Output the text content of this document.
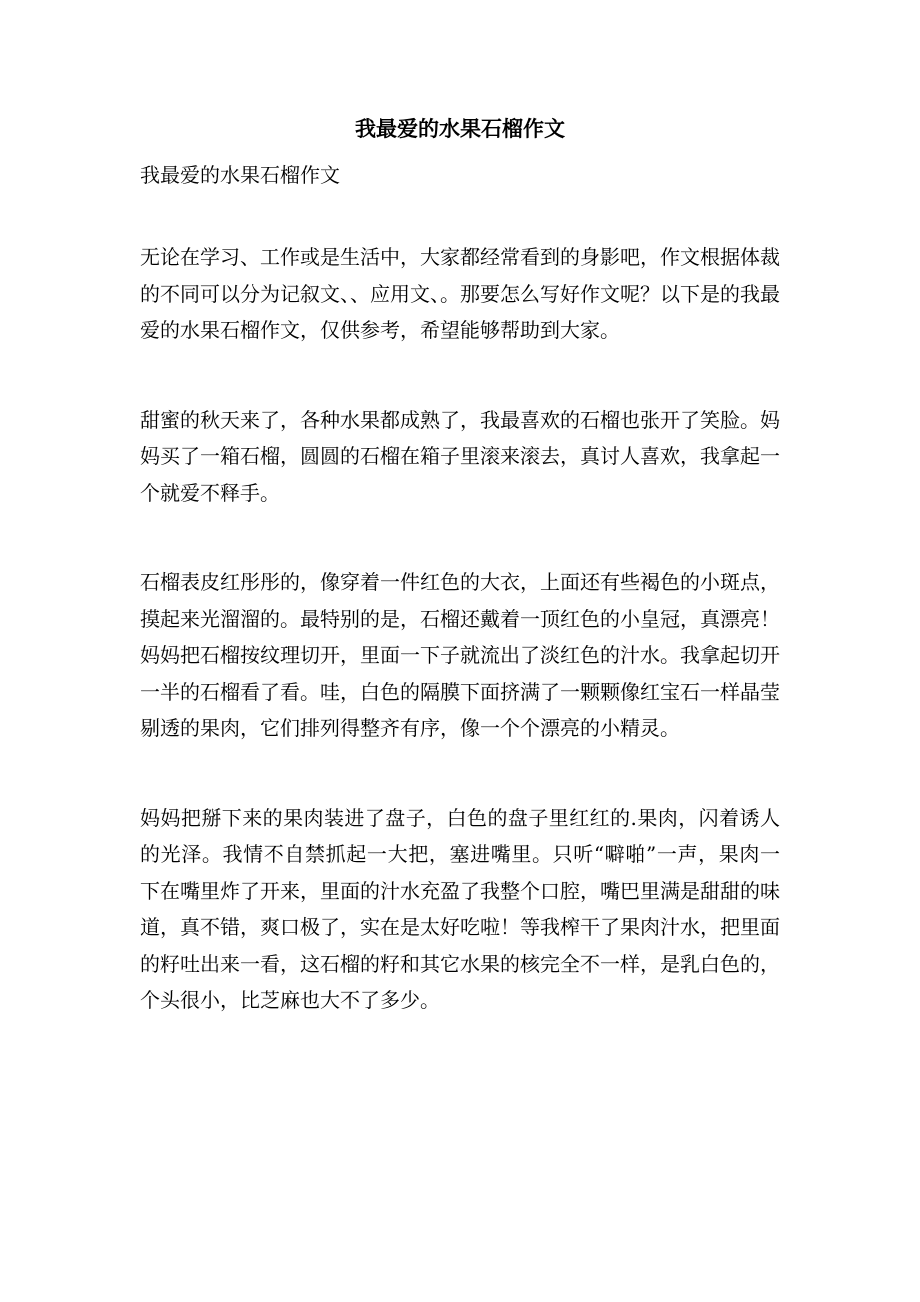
我最爱的水果石榴作文
我最爱的水果石榴作文

无论在学习、工作或是生活中，大家都经常看到的身影吧，作文根据体裁的不同可以分为记叙文、、应用文、。那要怎么写好作文呢？以下是的我最爱的水果石榴作文，仅供参考，希望能够帮助到大家。

甜蜜的秋天来了，各种水果都成熟了，我最喜欢的石榴也张开了笑脸。妈妈买了一箱石榴，圆圆的石榴在箱子里滚来滚去，真讨人喜欢，我拿起一个就爱不释手。

石榴表皮红彤彤的，像穿着一件红色的大衣，上面还有些褐色的小斑点，摸起来光溜溜的。最特别的是，石榴还戴着一顶红色的小皇冠，真漂亮！妈妈把石榴按纹理切开，里面一下子就流出了淡红色的汁水。我拿起切开一半的石榴看了看。哇，白色的隔膜下面挤满了一颗颗像红宝石一样晶莹剔透的果肉，它们排列得整齐有序，像一个个漂亮的小精灵。

妈妈把掰下来的果肉装进了盘子，白色的盘子里红红的.果肉，闪着诱人的光泽。我情不自禁抓起一大把，塞进嘴里。只听“噼啪”一声，果肉一下在嘴里炸了开来，里面的汁水充盈了我整个口腔，嘴巴里满是甜甜的味道，真不错，爽口极了，实在是太好吃啦！等我榨干了果肉汁水，把里面的籽吐出来一看，这石榴的籽和其它水果的核完全不一样，是乳白色的，个头很小，比芝麻也大不了多少。
